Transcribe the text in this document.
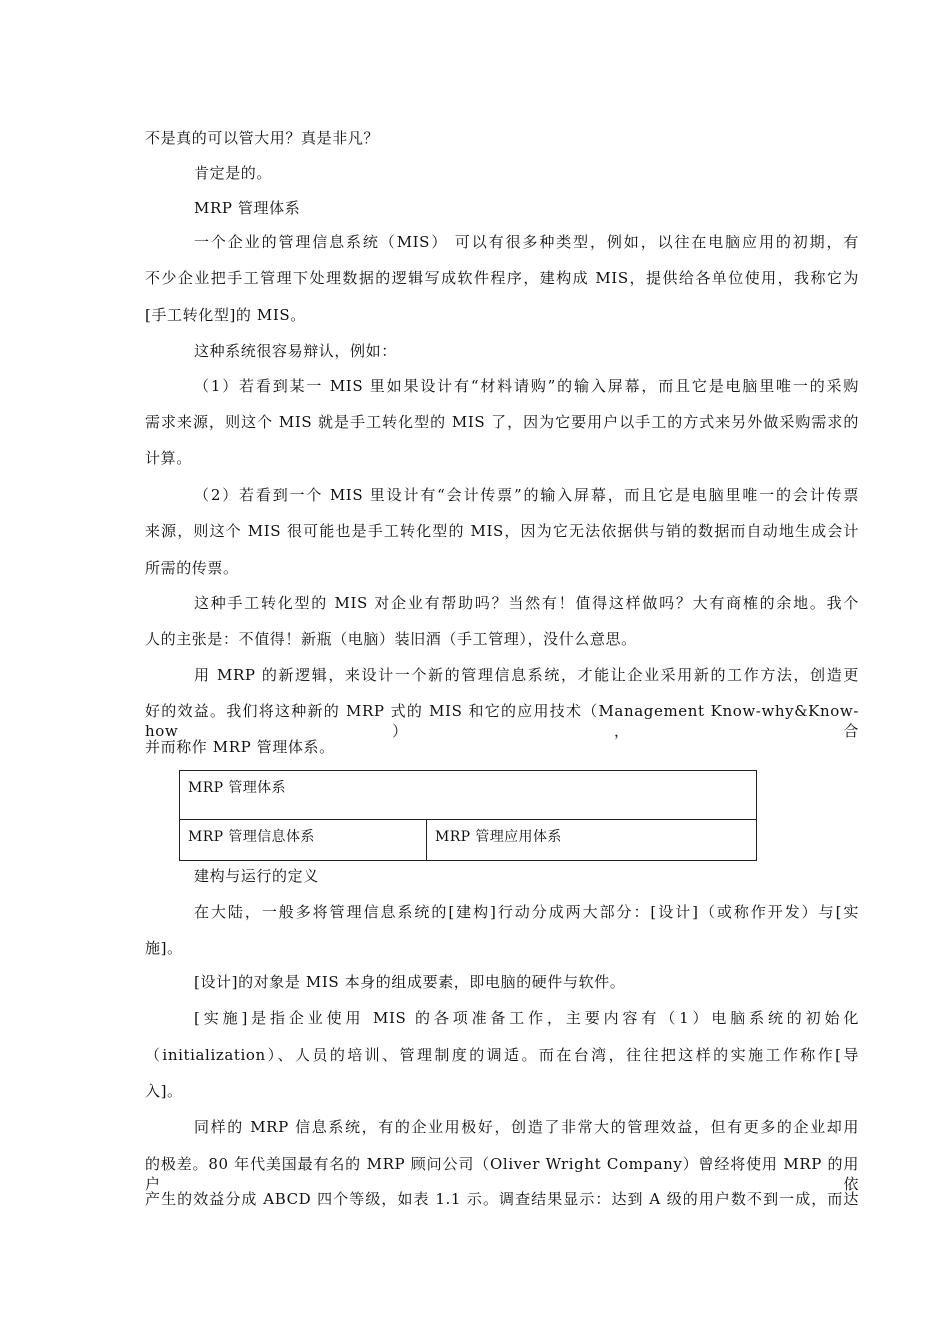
不是真的可以管大用？真是非凡？
肯定是的。
MRP 管理体系
一个企业的管理信息系统（MIS） 可以有很多种类型，例如，以往在电脑应用的初期，有
不少企业把手工管理下处理数据的逻辑写成软件程序，建构成 MIS，提供给各单位使用，我称它为
[手工转化型]的 MIS。
这种系统很容易辩认，例如：
（1）若看到某一 MIS 里如果设计有“材料请购”的输入屏幕，而且它是电脑里唯一的采购
需求来源，则这个 MIS 就是手工转化型的 MIS 了，因为它要用户以手工的方式来另外做采购需求的
计算。
（2）若看到一个 MIS 里设计有“会计传票”的输入屏幕，而且它是电脑里唯一的会计传票
来源，则这个 MIS 很可能也是手工转化型的 MIS，因为它无法依据供与销的数据而自动地生成会计
所需的传票。
这种手工转化型的 MIS 对企业有帮助吗？当然有！值得这样做吗？大有商榷的余地。我个
人的主张是：不值得！新瓶（电脑）装旧酒（手工管理），没什么意思。
用 MRP 的新逻辑，来设计一个新的管理信息系统，才能让企业采用新的工作方法，创造更
好的效益。我们将这种新的 MRP 式的 MIS 和它的应用技术（Management Know-why&Know-how），合
并而称作 MRP 管理体系。
MRP 管理体系
MRP 管理信息体系	MRP 管理应用体系
建构与运行的定义
在大陆，一般多将管理信息系统的[建构]行动分成两大部分：[设计]（或称作开发）与[实
施]。
[设计]的对象是 MIS 本身的组成要素，即电脑的硬件与软件。
[实施]是指企业使用 MIS 的各项准备工作，主要内容有（1）电脑系统的初始化
（initialization）、人员的培训、管理制度的调适。而在台湾，往往把这样的实施工作称作[导
入]。
同样的 MRP 信息系统，有的企业用极好，创造了非常大的管理效益，但有更多的企业却用
的极差。80 年代美国最有名的 MRP 顾问公司（Oliver Wright Company）曾经将使用 MRP 的用户依
产生的效益分成 ABCD 四个等级，如表 1.1 示。调查结果显示：达到 A 级的用户数不到一成，而达
